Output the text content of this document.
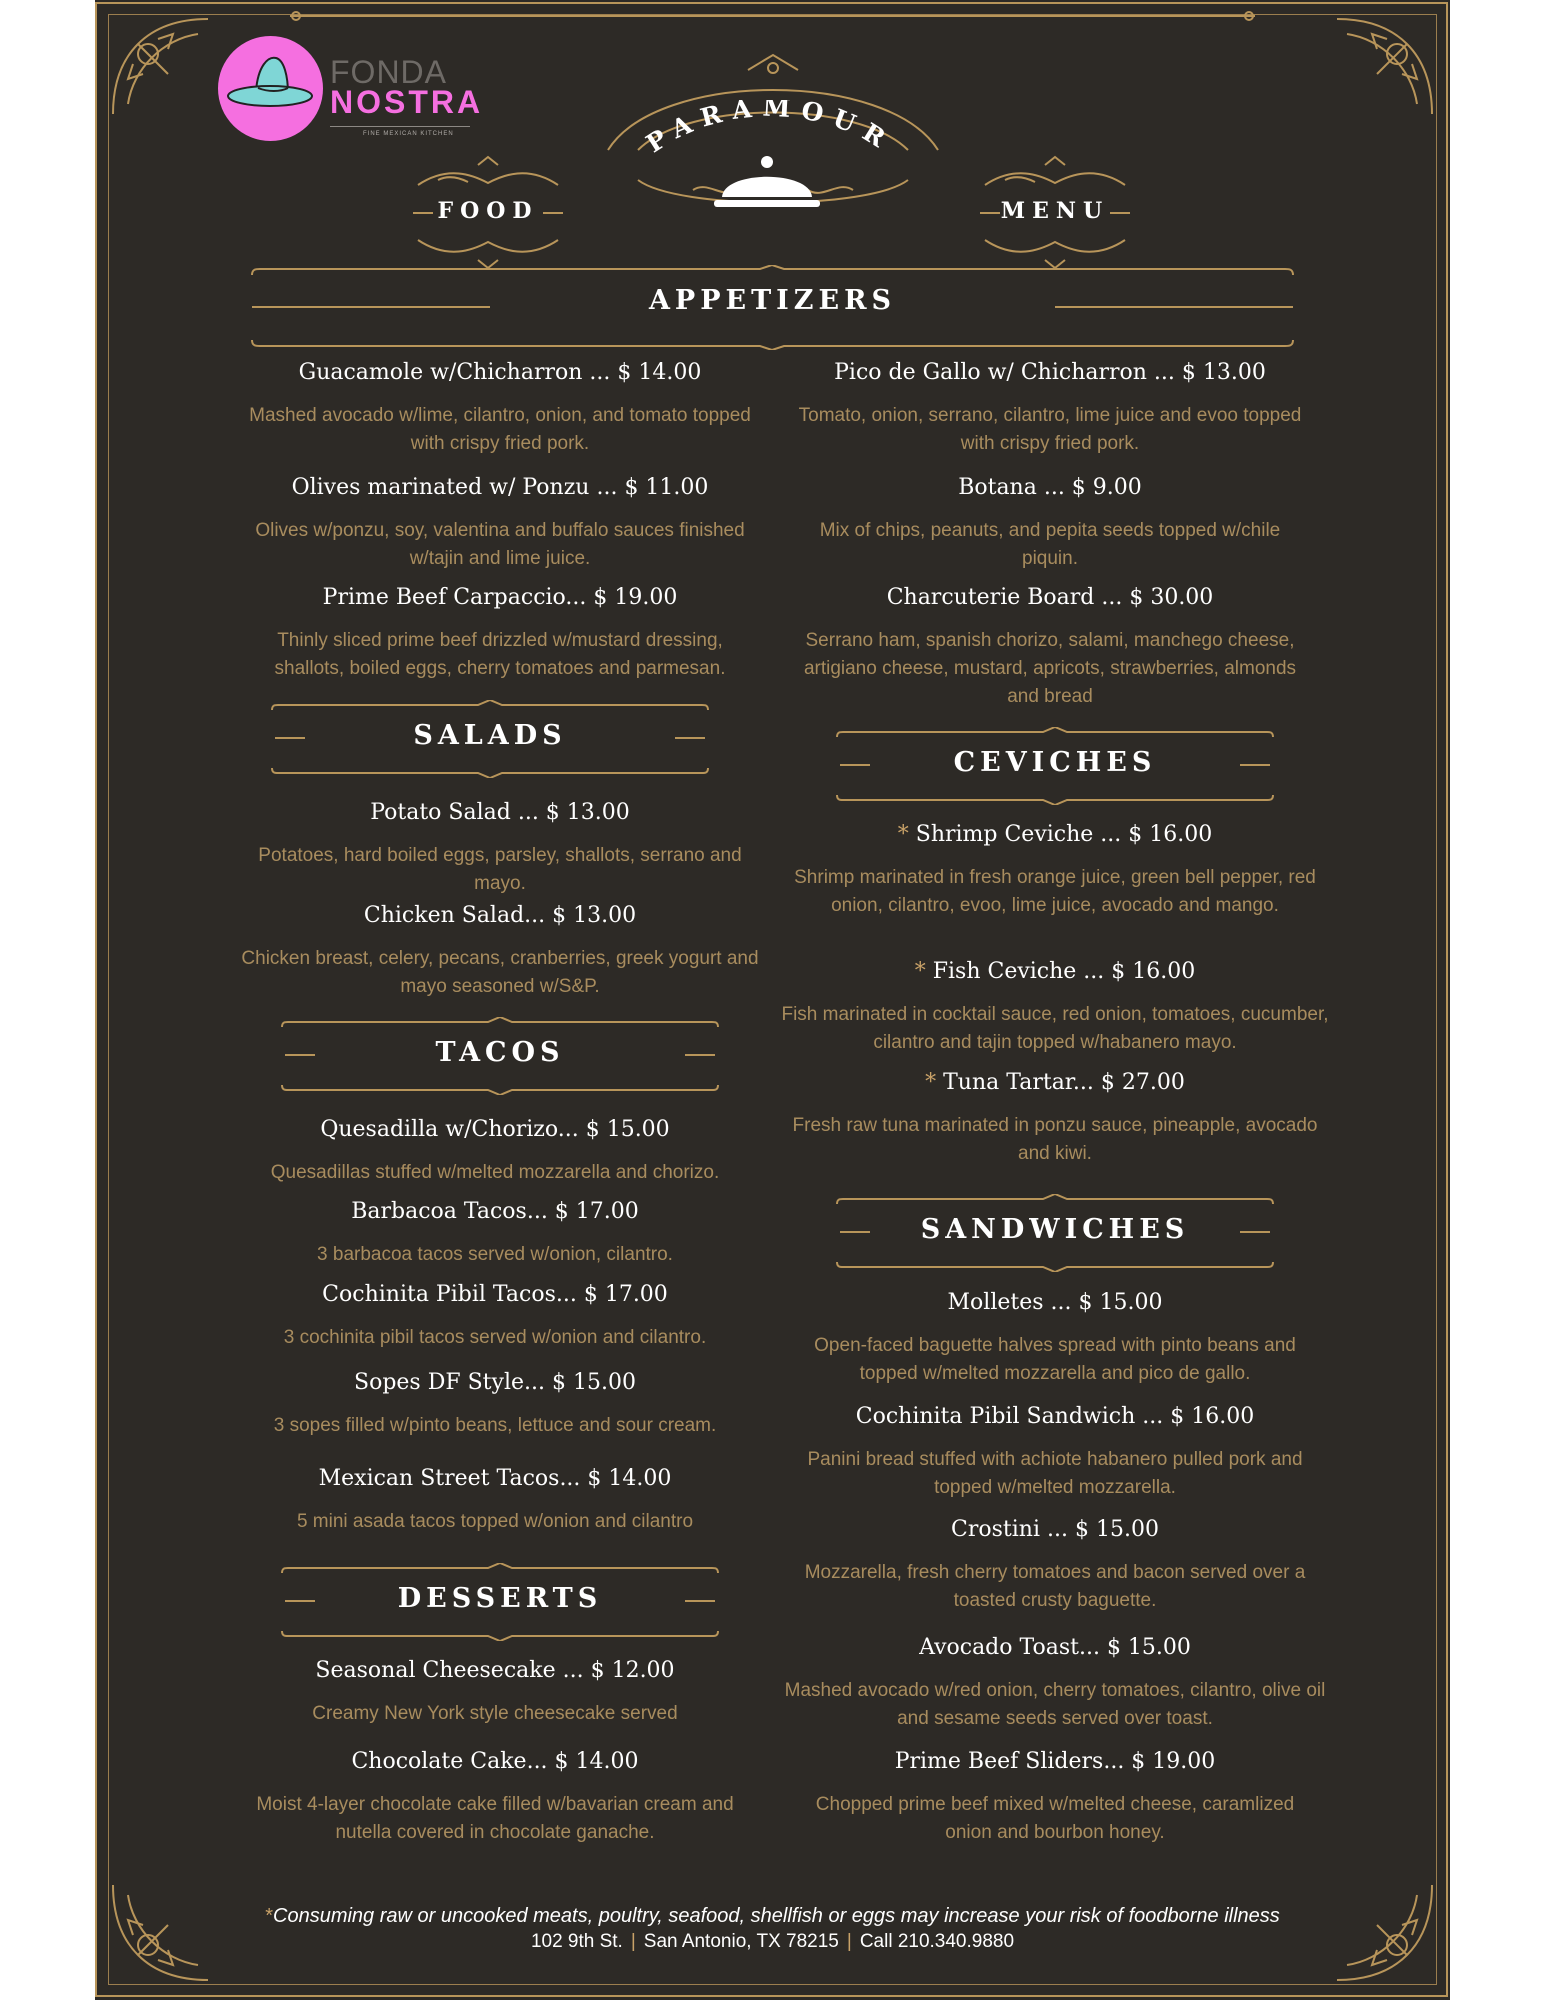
FONDA
NOSTRA
FINE MEXICAN KITCHEN	PARAMOUR
FOOD	MENU
APPETIZERS
Guacamole w/Chicharron ... $ 14.00
Mashed avocado w/lime, cilantro, onion, and tomato topped with crispy fried pork.
Olives marinated w/ Ponzu ... $ 11.00
Olives w/ponzu, soy, valentina and buffalo sauces finished w/tajin and lime juice.
Prime Beef Carpaccio... $ 19.00
Thinly sliced prime beef drizzled w/mustard dressing, shallots, boiled eggs, cherry tomatoes and parmesan.
Pico de Gallo w/ Chicharron ... $ 13.00
Tomato, onion, serrano, cilantro, lime juice and evoo topped with crispy fried pork.
Botana ... $ 9.00
Mix of chips, peanuts, and pepita seeds topped w/chile piquin.
Charcuterie Board ... $ 30.00
Serrano ham, spanish chorizo, salami, manchego cheese, artigiano cheese, mustard, apricots, strawberries, almonds and bread
SALADS
Potato Salad ... $ 13.00
Potatoes, hard boiled eggs, parsley, shallots, serrano and mayo.
Chicken Salad... $ 13.00
Chicken breast, celery, pecans, cranberries, greek yogurt and mayo seasoned w/S&P.
TACOS
Quesadilla w/Chorizo... $ 15.00
Quesadillas stuffed w/melted mozzarella and chorizo.
Barbacoa Tacos... $ 17.00
3 barbacoa tacos served w/onion, cilantro.
Cochinita Pibil Tacos... $ 17.00
3 cochinita pibil tacos served w/onion and cilantro.
Sopes DF Style... $ 15.00
3 sopes filled w/pinto beans, lettuce and sour cream.
Mexican Street Tacos... $ 14.00
5 mini asada tacos topped w/onion and cilantro
DESSERTS
Seasonal Cheesecake ... $ 12.00
Creamy New York style cheesecake served
Chocolate Cake... $ 14.00
Moist 4-layer chocolate cake filled w/bavarian cream and nutella covered in chocolate ganache.
CEVICHES
* Shrimp Ceviche ... $ 16.00
Shrimp marinated in fresh orange juice, green bell pepper, red onion, cilantro, evoo, lime juice, avocado and mango.
* Fish Ceviche ... $ 16.00
Fish marinated in cocktail sauce, red onion, tomatoes, cucumber, cilantro and tajin topped w/habanero mayo.
* Tuna Tartar... $ 27.00
Fresh raw tuna marinated in ponzu sauce, pineapple, avocado and kiwi.
SANDWICHES
Molletes ... $ 15.00
Open-faced baguette halves spread with pinto beans and topped w/melted mozzarella and pico de gallo.
Cochinita Pibil Sandwich ... $ 16.00
Panini bread stuffed with achiote habanero pulled pork and topped w/melted mozzarella.
Crostini ... $ 15.00
Mozzarella, fresh cherry tomatoes and bacon served over a toasted crusty baguette.
Avocado Toast... $ 15.00
Mashed avocado w/red onion, cherry tomatoes, cilantro, olive oil and sesame seeds served over toast.
Prime Beef Sliders... $ 19.00
Chopped prime beef mixed w/melted cheese, caramlized onion and bourbon honey.
*Consuming raw or uncooked meats, poultry, seafood, shellfish or eggs may increase your risk of foodborne illness
102 9th St. | San Antonio, TX 78215 | Call 210.340.9880
